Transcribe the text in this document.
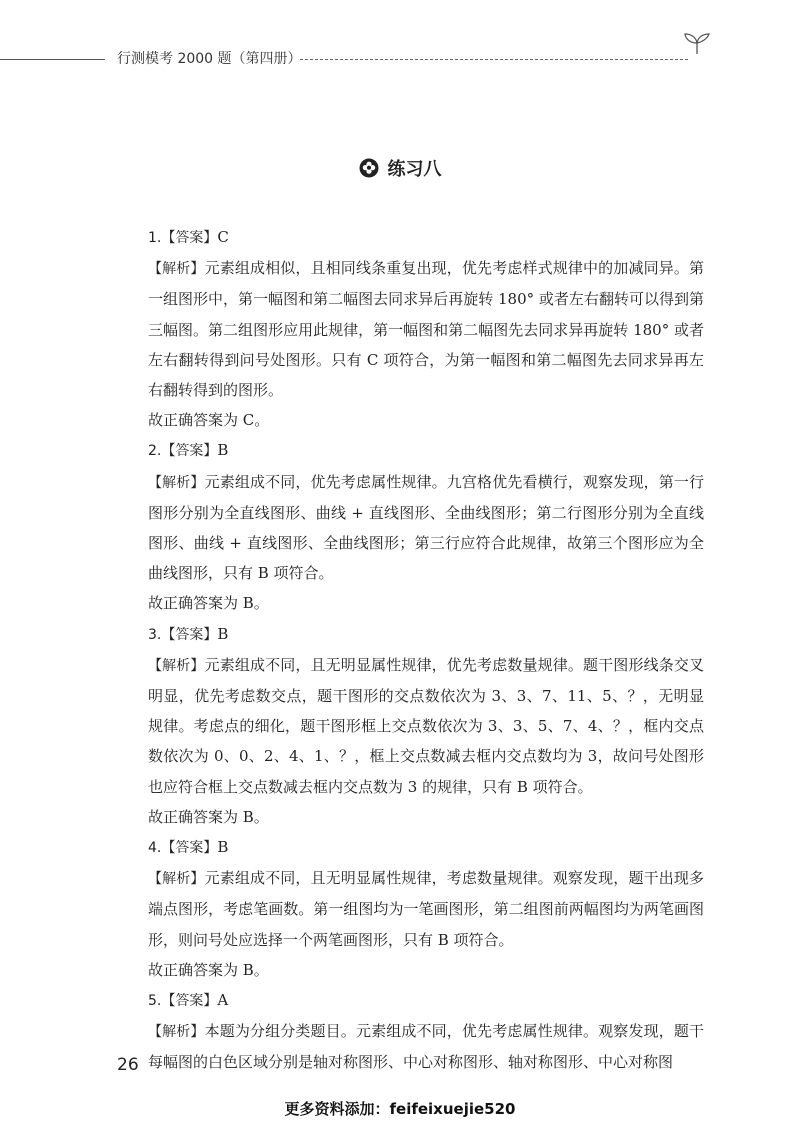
行测模考 2000 题（第四册）
练习八

1.【答案】C

【解析】元素组成相似，且相同线条重复出现，优先考虑样式规律中的加减同异。第一组图形中，第一幅图和第二幅图去同求异后再旋转 180° 或者左右翻转可以得到第三幅图。第二组图形应用此规律，第一幅图和第二幅图先去同求异再旋转 180° 或者左右翻转得到问号处图形。只有 C 项符合，为第一幅图和第二幅图先去同求异再左右翻转得到的图形。

故正确答案为 C。

2.【答案】B

【解析】元素组成不同，优先考虑属性规律。九宫格优先看横行，观察发现，第一行图形分别为全直线图形、曲线 + 直线图形、全曲线图形；第二行图形分别为全直线图形、曲线 + 直线图形、全曲线图形；第三行应符合此规律，故第三个图形应为全曲线图形，只有 B 项符合。

故正确答案为 B。

3.【答案】B

【解析】元素组成不同，且无明显属性规律，优先考虑数量规律。题干图形线条交叉明显，优先考虑数交点，题干图形的交点数依次为 3、3、7、11、5、？，无明显规律。考虑点的细化，题干图形框上交点数依次为 3、3、5、7、4、？，框内交点数依次为 0、0、2、4、1、？，框上交点数减去框内交点数均为 3，故问号处图形也应符合框上交点数减去框内交点数为 3 的规律，只有 B 项符合。

故正确答案为 B。

4.【答案】B

【解析】元素组成不同，且无明显属性规律，考虑数量规律。观察发现，题干出现多端点图形，考虑笔画数。第一组图均为一笔画图形，第二组图前两幅图均为两笔画图形，则问号处应选择一个两笔画图形，只有 B 项符合。

故正确答案为 B。

5.【答案】A

【解析】本题为分组分类题目。元素组成不同，优先考虑属性规律。观察发现，题干每幅图的白色区域分别是轴对称图形、中心对称图形、轴对称图形、中心对称图

26
更多资料添加：feifeixuejie520
